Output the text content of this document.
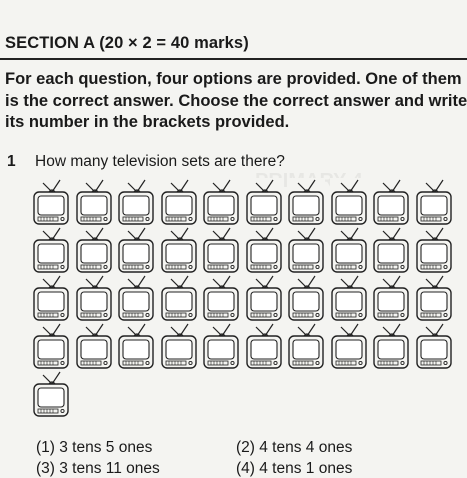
SECTION A (20 × 2 = 40 marks)
For each question, four options are provided. One of them
is the correct answer. Choose the correct answer and write
its number in the brackets provided.
1 How many television sets are there?
(1) 3 tens 5 ones	(2) 4 tens 4 ones
(3) 3 tens 11 ones	(4) 4 tens 1 ones
